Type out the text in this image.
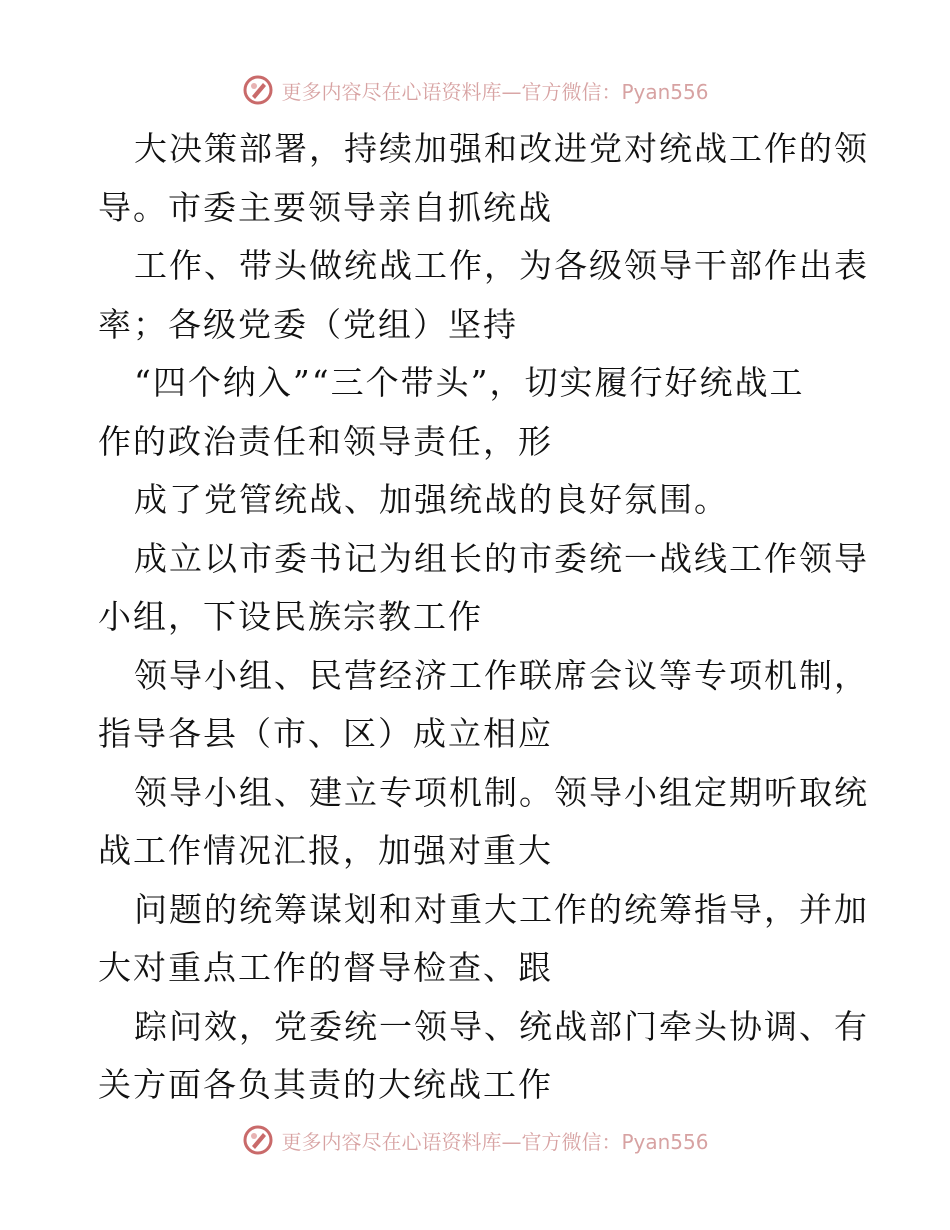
更多内容尽在心语资料库—官方微信：Pyan556
大决策部署，持续加强和改进党对统战工作的领
导。市委主要领导亲自抓统战
工作、带头做统战工作，为各级领导干部作出表
率；各级党委（党组）坚持
“四个纳入”“三个带头”，切实履行好统战工
作的政治责任和领导责任，形
成了党管统战、加强统战的良好氛围。
成立以市委书记为组长的市委统一战线工作领导
小组，下设民族宗教工作
领导小组、民营经济工作联席会议等专项机制，
指导各县（市、区）成立相应
领导小组、建立专项机制。领导小组定期听取统
战工作情况汇报，加强对重大
问题的统筹谋划和对重大工作的统筹指导，并加
大对重点工作的督导检查、跟
踪问效，党委统一领导、统战部门牵头协调、有
关方面各负其责的大统战工作
更多内容尽在心语资料库—官方微信：Pyan556
